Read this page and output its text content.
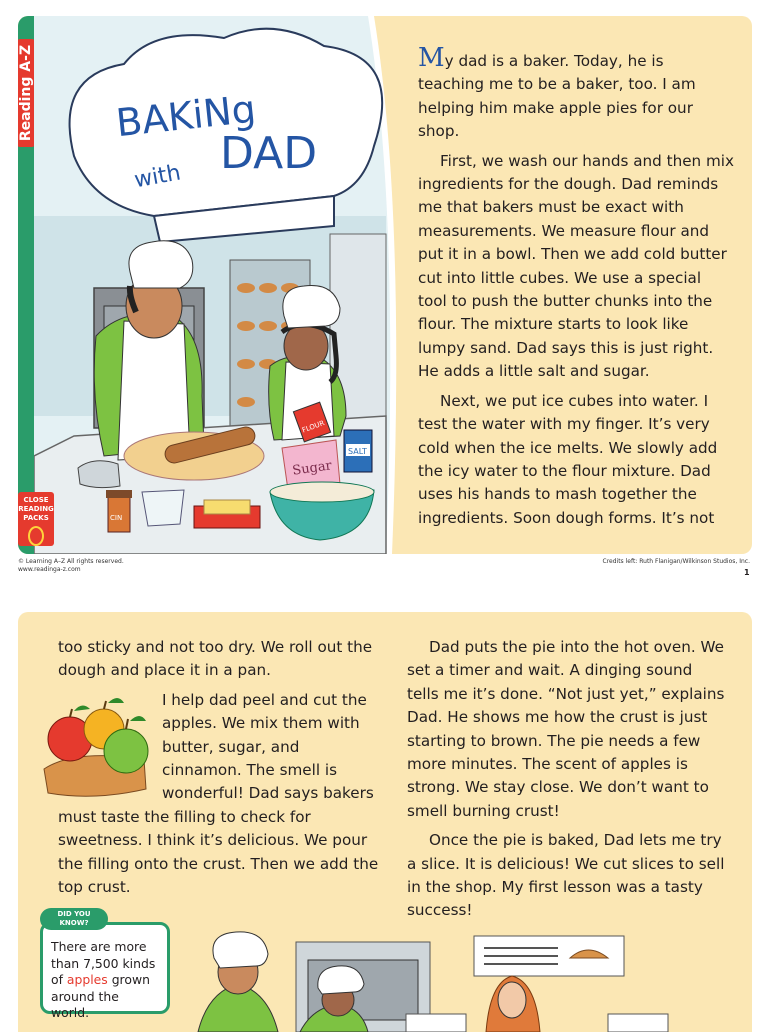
Reading A-Z BAKiNg
with DAD
FLOUR
Sugar
SALT
CIN
CLOSE
READING
PACKS

My dad is a baker. Today, he is teaching me to be a baker, too. I am helping him make apple pies for our shop.

First, we wash our hands and then mix ingredients for the dough. Dad reminds me that bakers must be exact with measurements. We measure flour and put it in a bowl. Then we add cold butter cut into little cubes. We use a special tool to push the butter chunks into the flour. The mixture starts to look like lumpy sand. Dad says this is just right. He adds a little salt and sugar.

Next, we put ice cubes into water. I test the water with my finger. It’s very cold when the ice melts. We slowly add the icy water to the flour mixture. Dad uses his hands to mash together the ingredients. Soon dough forms. It’s not

© Learning A–Z All rights reserved.
www.readinga-z.com
Credits left: Ruth Flanigan/Wilkinson Studios, Inc.
1

too sticky and not too dry. We roll out the dough and place it in a pan.

I help dad peel and cut the apples. We mix them with butter, sugar, and cinnamon. The smell is wonderful! Dad says bakers must taste the filling to check for sweetness. I think it’s delicious. We pour the filling onto the crust. Then we add the top crust.

Dad puts the pie into the hot oven. We set a timer and wait. A dinging sound tells me it’s done. “Not just yet,” explains Dad. He shows me how the crust is just starting to brown. The pie needs a few more minutes. The scent of apples is strong. We stay close. We don’t want to smell burning crust!

Once the pie is baked, Dad lets me try a slice. It is delicious! We cut slices to sell in the shop. My first lesson was a tasty success!

There are more than 7,500 kinds of apples grown around the world.
DID YOU
KNOW?
